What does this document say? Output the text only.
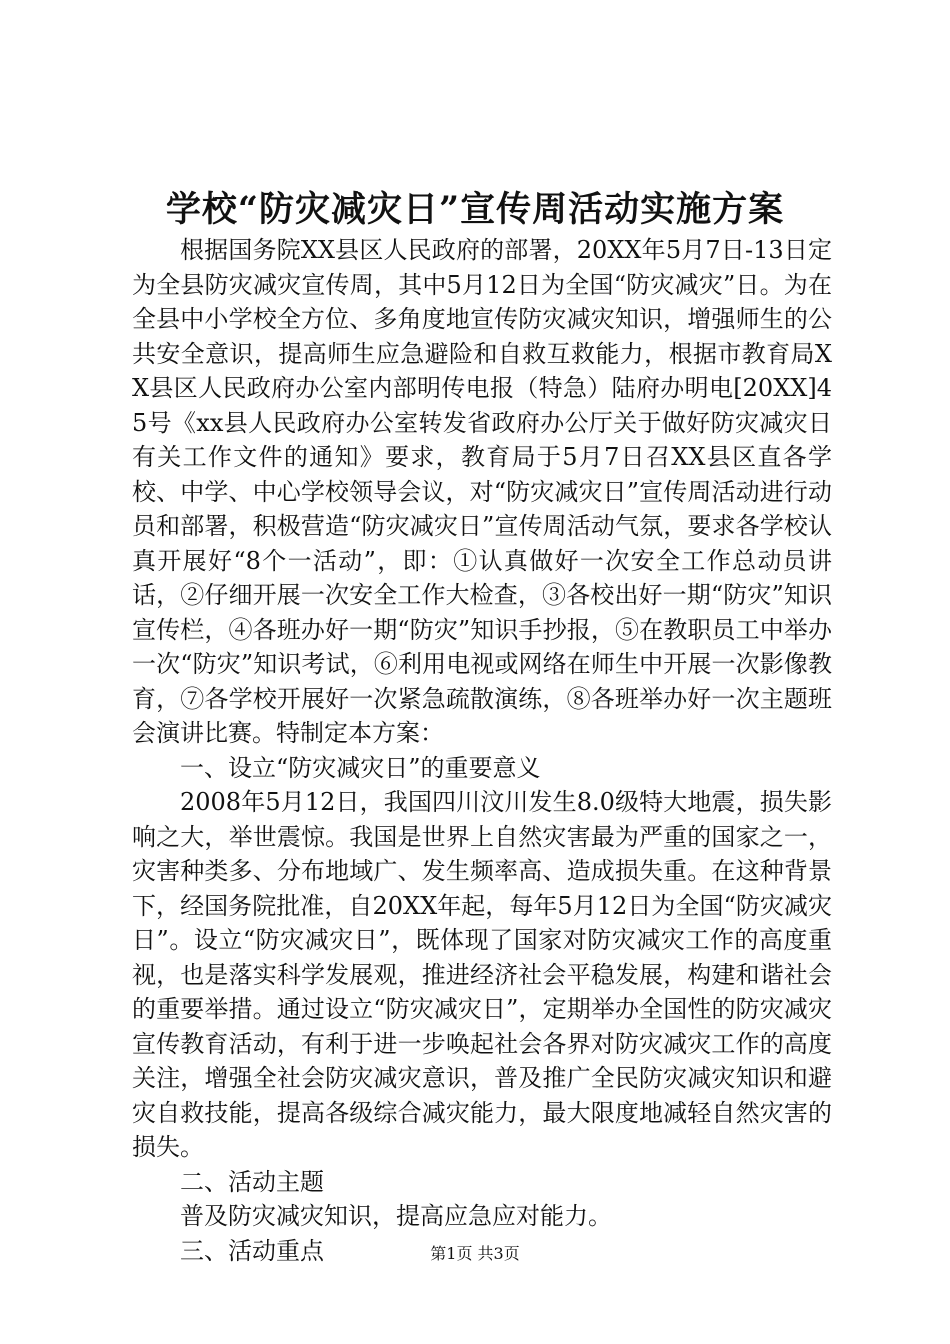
学校“防灾减灾日”宣传周活动实施方案

根据国务院XX县区人民政府的部署，20XX年5月7日-13日定为全县防灾减灾宣传周，其中5月12日为全国“防灾减灾”日。为在全县中小学校全方位、多角度地宣传防灾减灾知识，增强师生的公共安全意识，提高师生应急避险和自救互救能力，根据市教育局XX县区人民政府办公室内部明传电报（特急）陆府办明电[20XX]45号《xx县人民政府办公室转发省政府办公厅关于做好防灾减灾日有关工作文件的通知》要求，教育局于5月7日召XX县区直各学校、中学、中心学校领导会议，对“防灾减灾日”宣传周活动进行动员和部署，积极营造“防灾减灾日”宣传周活动气氛，要求各学校认真开展好“8个一活动”，即：①认真做好一次安全工作总动员讲话，②仔细开展一次安全工作大检查，③各校出好一期“防灾”知识宣传栏，④各班办好一期“防灾”知识手抄报，⑤在教职员工中举办一次“防灾”知识考试，⑥利用电视或网络在师生中开展一次影像教育，⑦各学校开展好一次紧急疏散演练，⑧各班举办好一次主题班会演讲比赛。特制定本方案：

一、设立“防灾减灾日”的重要意义

2008年5月12日，我国四川汶川发生8.0级特大地震，损失影响之大，举世震惊。我国是世界上自然灾害最为严重的国家之一，灾害种类多、分布地域广、发生频率高、造成损失重。在这种背景下，经国务院批准，自20XX年起，每年5月12日为全国“防灾减灾日”。设立“防灾减灾日”，既体现了国家对防灾减灾工作的高度重视，也是落实科学发展观，推进经济社会平稳发展，构建和谐社会的重要举措。通过设立“防灾减灾日”，定期举办全国性的防灾减灾宣传教育活动，有利于进一步唤起社会各界对防灾减灾工作的高度关注，增强全社会防灾减灾意识，普及推广全民防灾减灾知识和避灾自救技能，提高各级综合减灾能力，最大限度地减轻自然灾害的损失。

二、活动主题

普及防灾减灾知识，提高应急应对能力。

三、活动重点	第1页 共3页
